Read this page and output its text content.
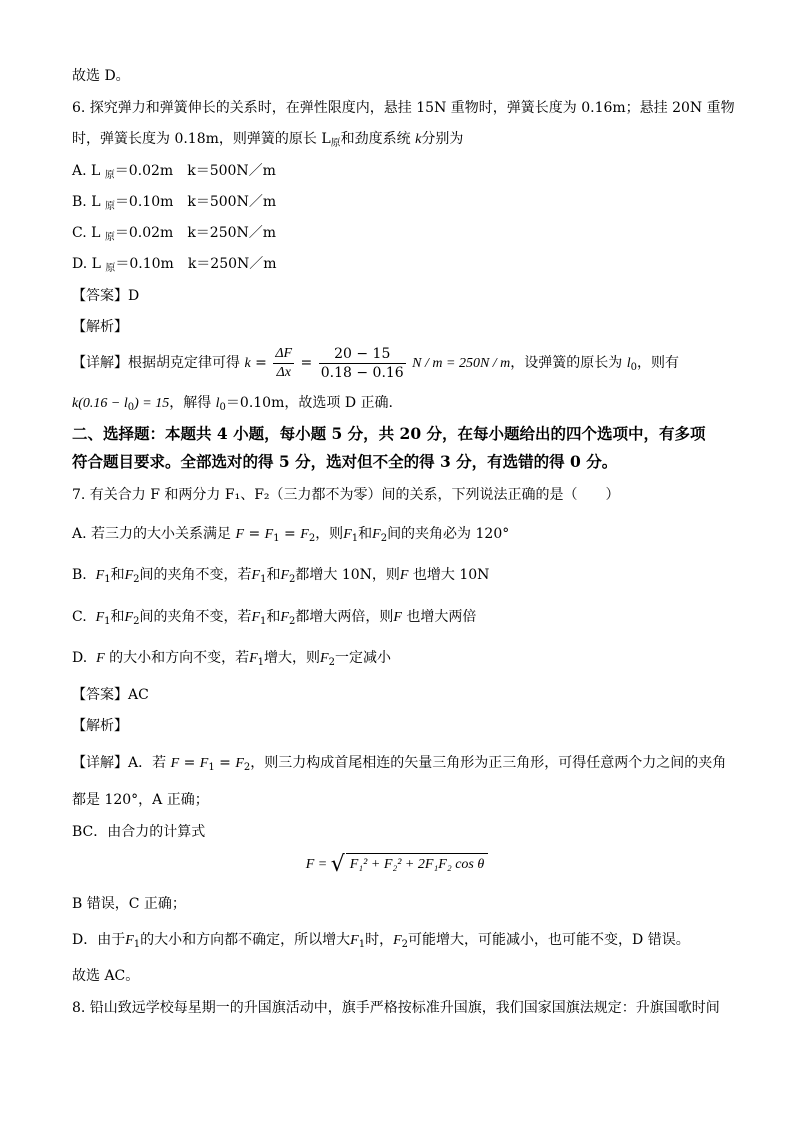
故选 D。
6. 探究弹力和弹簧伸长的关系时，在弹性限度内，悬挂 15N 重物时，弹簧长度为 0.16m；悬挂 20N 重物
时，弹簧长度为 0.18m，则弹簧的原长 $L_原$和劲度系统 k分别为
A. L $_原$＝0.02m　k＝500N／m
B. L $_原$＝0.10m　k＝500N／m
C. L $_原$＝0.02m　k＝250N／m
D. L $_原$＝0.10m　k＝250N／m
【答案】D
【解析】
【详解】根据胡克定律可得 $k = \frac{\Delta F}{\Delta x} = \frac{20 - 15}{0.18 - 0.16}$ N / m = 250N / m，设弹簧的原长为 $l_0$，则有
$k(0.16 - l_0) = 15$，解得 $l_0=0.10m$，故选项 D 正确.
二、选择题：本题共 4 小题，每小题 5 分，共 20 分，在每小题给出的四个选项中，有多项
符合题目要求。全部选对的得 5 分，选对但不全的得 3 分，有选错的得 0 分。
7. 有关合力 F 和两分力 F₁、F₂（三力都不为零）间的关系，下列说法正确的是（　　）
A. 若三力的大小关系满足 $F = F_1 = F_2$，则$F_1$和$F_2$间的夹角必为 120°
B.  $F_1$和$F_2$间的夹角不变，若$F_1$和$F_2$都增大 10N，则F 也增大 10N
C.  $F_1$和$F_2$间的夹角不变，若$F_1$和$F_2$都增大两倍，则F 也增大两倍
D. F 的大小和方向不变，若$F_1$增大，则$F_2$一定减小
【答案】AC
【解析】
【详解】A．若 $F = F_1 = F_2$，则三力构成首尾相连的矢量三角形为正三角形，可得任意两个力之间的夹角
都是 120°，A 正确；
BC．由合力的计算式
F = √ F₁² + F₂² + 2F₁F₂ cos θ
B 错误，C 正确；
D．由于$F_1$的大小和方向都不确定，所以增大$F_1$时，$F_2$可能增大，可能减小，也可能不变，D 错误。
故选 AC。
8. 铅山致远学校每星期一的升国旗活动中，旗手严格按标准升国旗，我们国家国旗法规定：升旗国歌时间
